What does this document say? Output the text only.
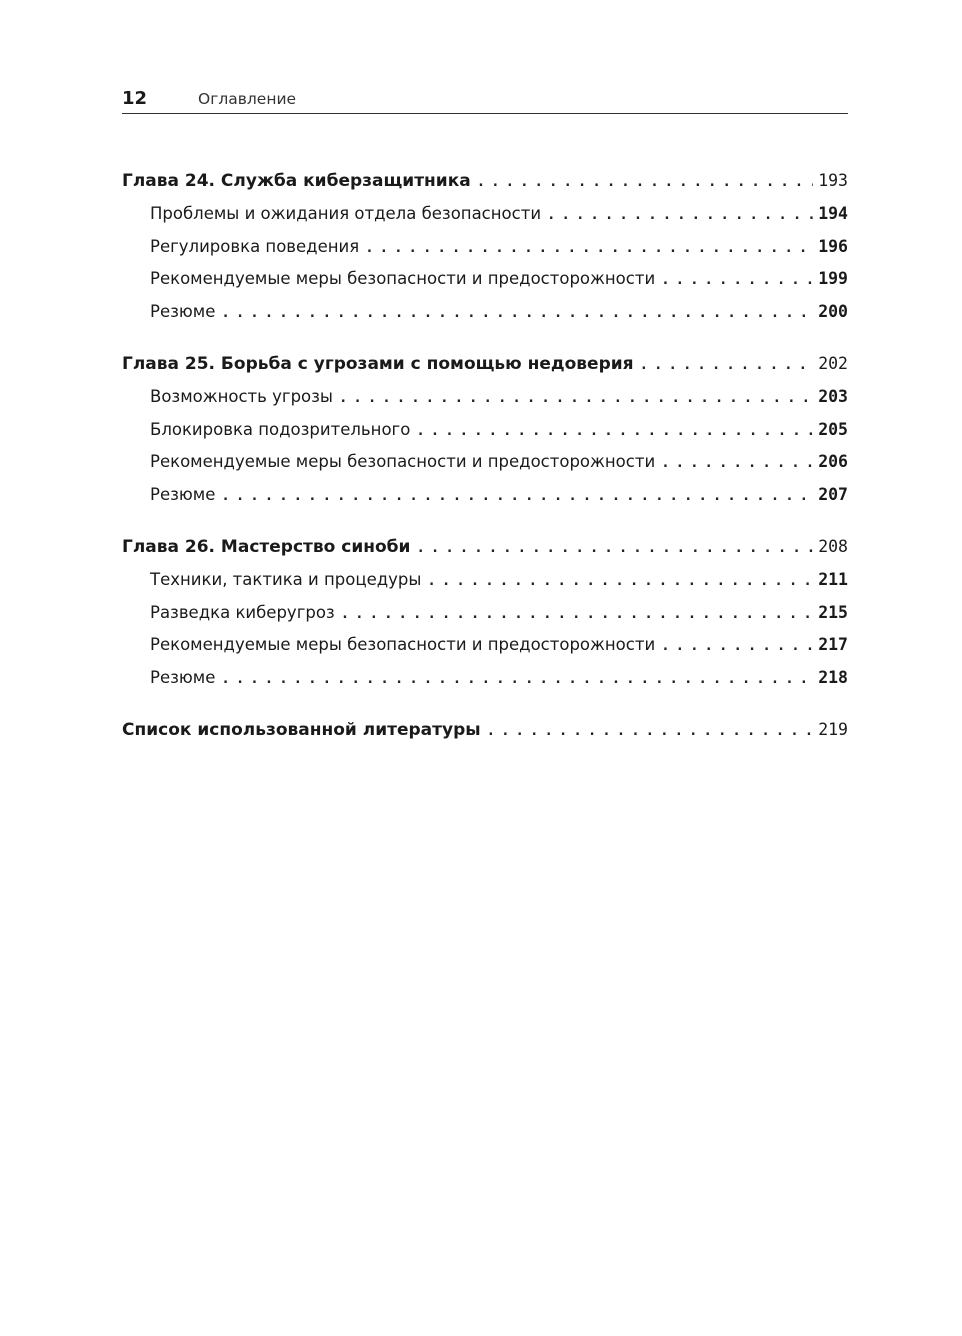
12	Оглавление
Глава 24. Служба киберзащитника . . .	193
Проблемы и ожидания отдела безопасности . . .	194
Регулировка поведения . . .	196
Рекомендуемые меры безопасности и предосторожности . . .	199
Резюме . . .	200
Глава 25. Борьба с угрозами с помощью недоверия . . .	202
Возможность угрозы . . .	203
Блокировка подозрительного . . .	205
Рекомендуемые меры безопасности и предосторожности . . .	206
Резюме . . .	207
Глава 26. Мастерство синоби . . .	208
Техники, тактика и процедуры . . .	211
Разведка киберугроз . . .	215
Рекомендуемые меры безопасности и предосторожности . . .	217
Резюме . . .	218
Список использованной литературы . . .	219
